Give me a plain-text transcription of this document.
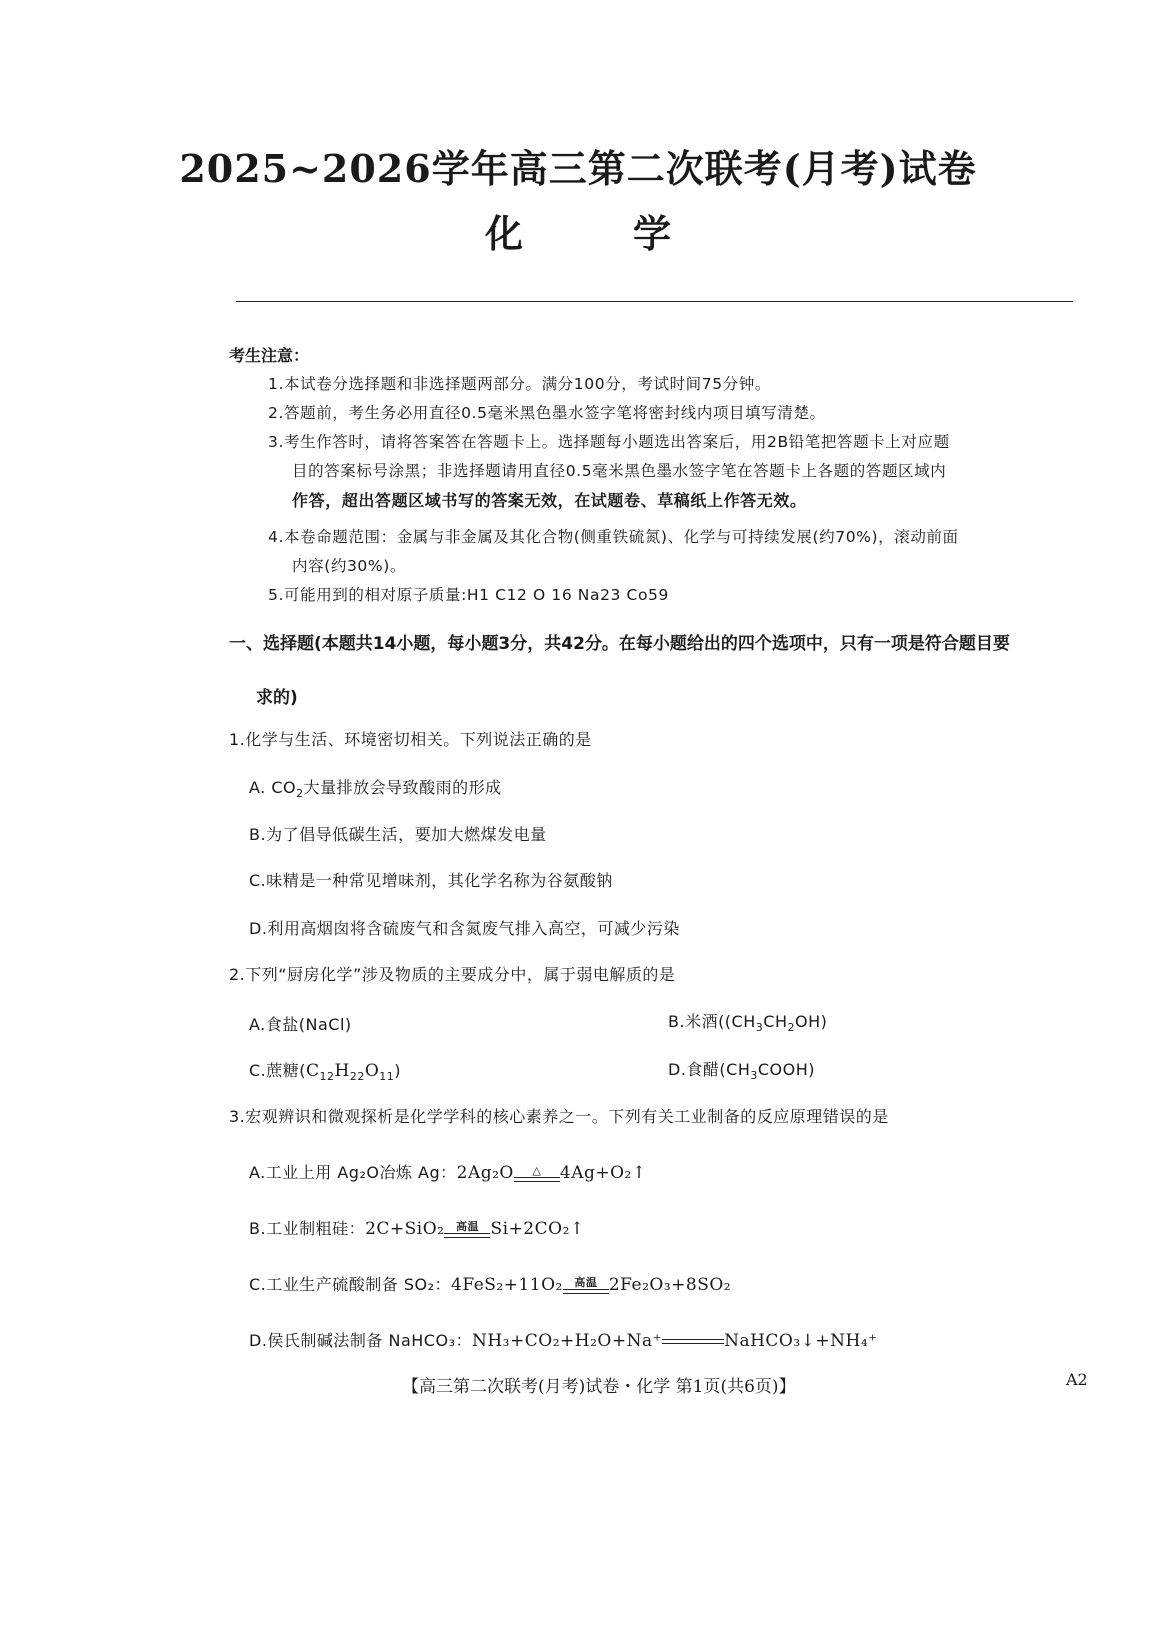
2025~2026学年高三第二次联考(月考)试卷
化学
考生注意：
1.本试卷分选择题和非选择题两部分。满分100分，考试时间75分钟。
2.答题前，考生务必用直径0.5毫米黑色墨水签字笔将密封线内项目填写清楚。
3.考生作答时，请将答案答在答题卡上。选择题每小题选出答案后，用2B铅笔把答题卡上对应题
目的答案标号涂黑；非选择题请用直径0.5毫米黑色墨水签字笔在答题卡上各题的答题区域内
作答，超出答题区域书写的答案无效，在试题卷、草稿纸上作答无效。
4.本卷命题范围：金属与非金属及其化合物(侧重铁硫氮)、化学与可持续发展(约70%)，滚动前面
内容(约30%)。
5.可能用到的相对原子质量:H1 C12 O 16 Na23 Co59
一、选择题(本题共14小题，每小题3分，共42分。在每小题给出的四个选项中，只有一项是符合题目要
求的)
1.化学与生活、环境密切相关。下列说法正确的是
A. $CO_2$大量排放会导致酸雨的形成
B.为了倡导低碳生活，要加大燃煤发电量
C.味精是一种常见增味剂，其化学名称为谷氨酸钠
D.利用高烟囱将含硫废气和含氮废气排入高空，可减少污染
2.下列“厨房化学”涉及物质的主要成分中，属于弱电解质的是
A.食盐(NaCl)	B.米酒($(CH_3CH_2OH)$
C.蔗糖$(C_{12}H_{22}O_{11})$	D.食醋$(CH_3COOH)$
3.宏观辨识和微观探析是化学学科的核心素养之一。下列有关工业制备的反应原理错误的是
A.工业上用 Ag₂O冶炼 Ag：2Ag₂O	△	4Ag+O₂↑
B.工业制粗硅：2C+SiO₂	高温 Si+2CO₂↑
C.工业生产硫酸制备 SO₂：4FeS₂+11O₂	高温 2Fe₂O₃+8SO₂
D.侯氏制碱法制备 NaHCO₃：NH₃+CO₂+H₂O+Na⁺	NaHCO₃↓+NH₄⁺
【高三第二次联考(月考)试卷・化学 第1页(共6页)】	A2
